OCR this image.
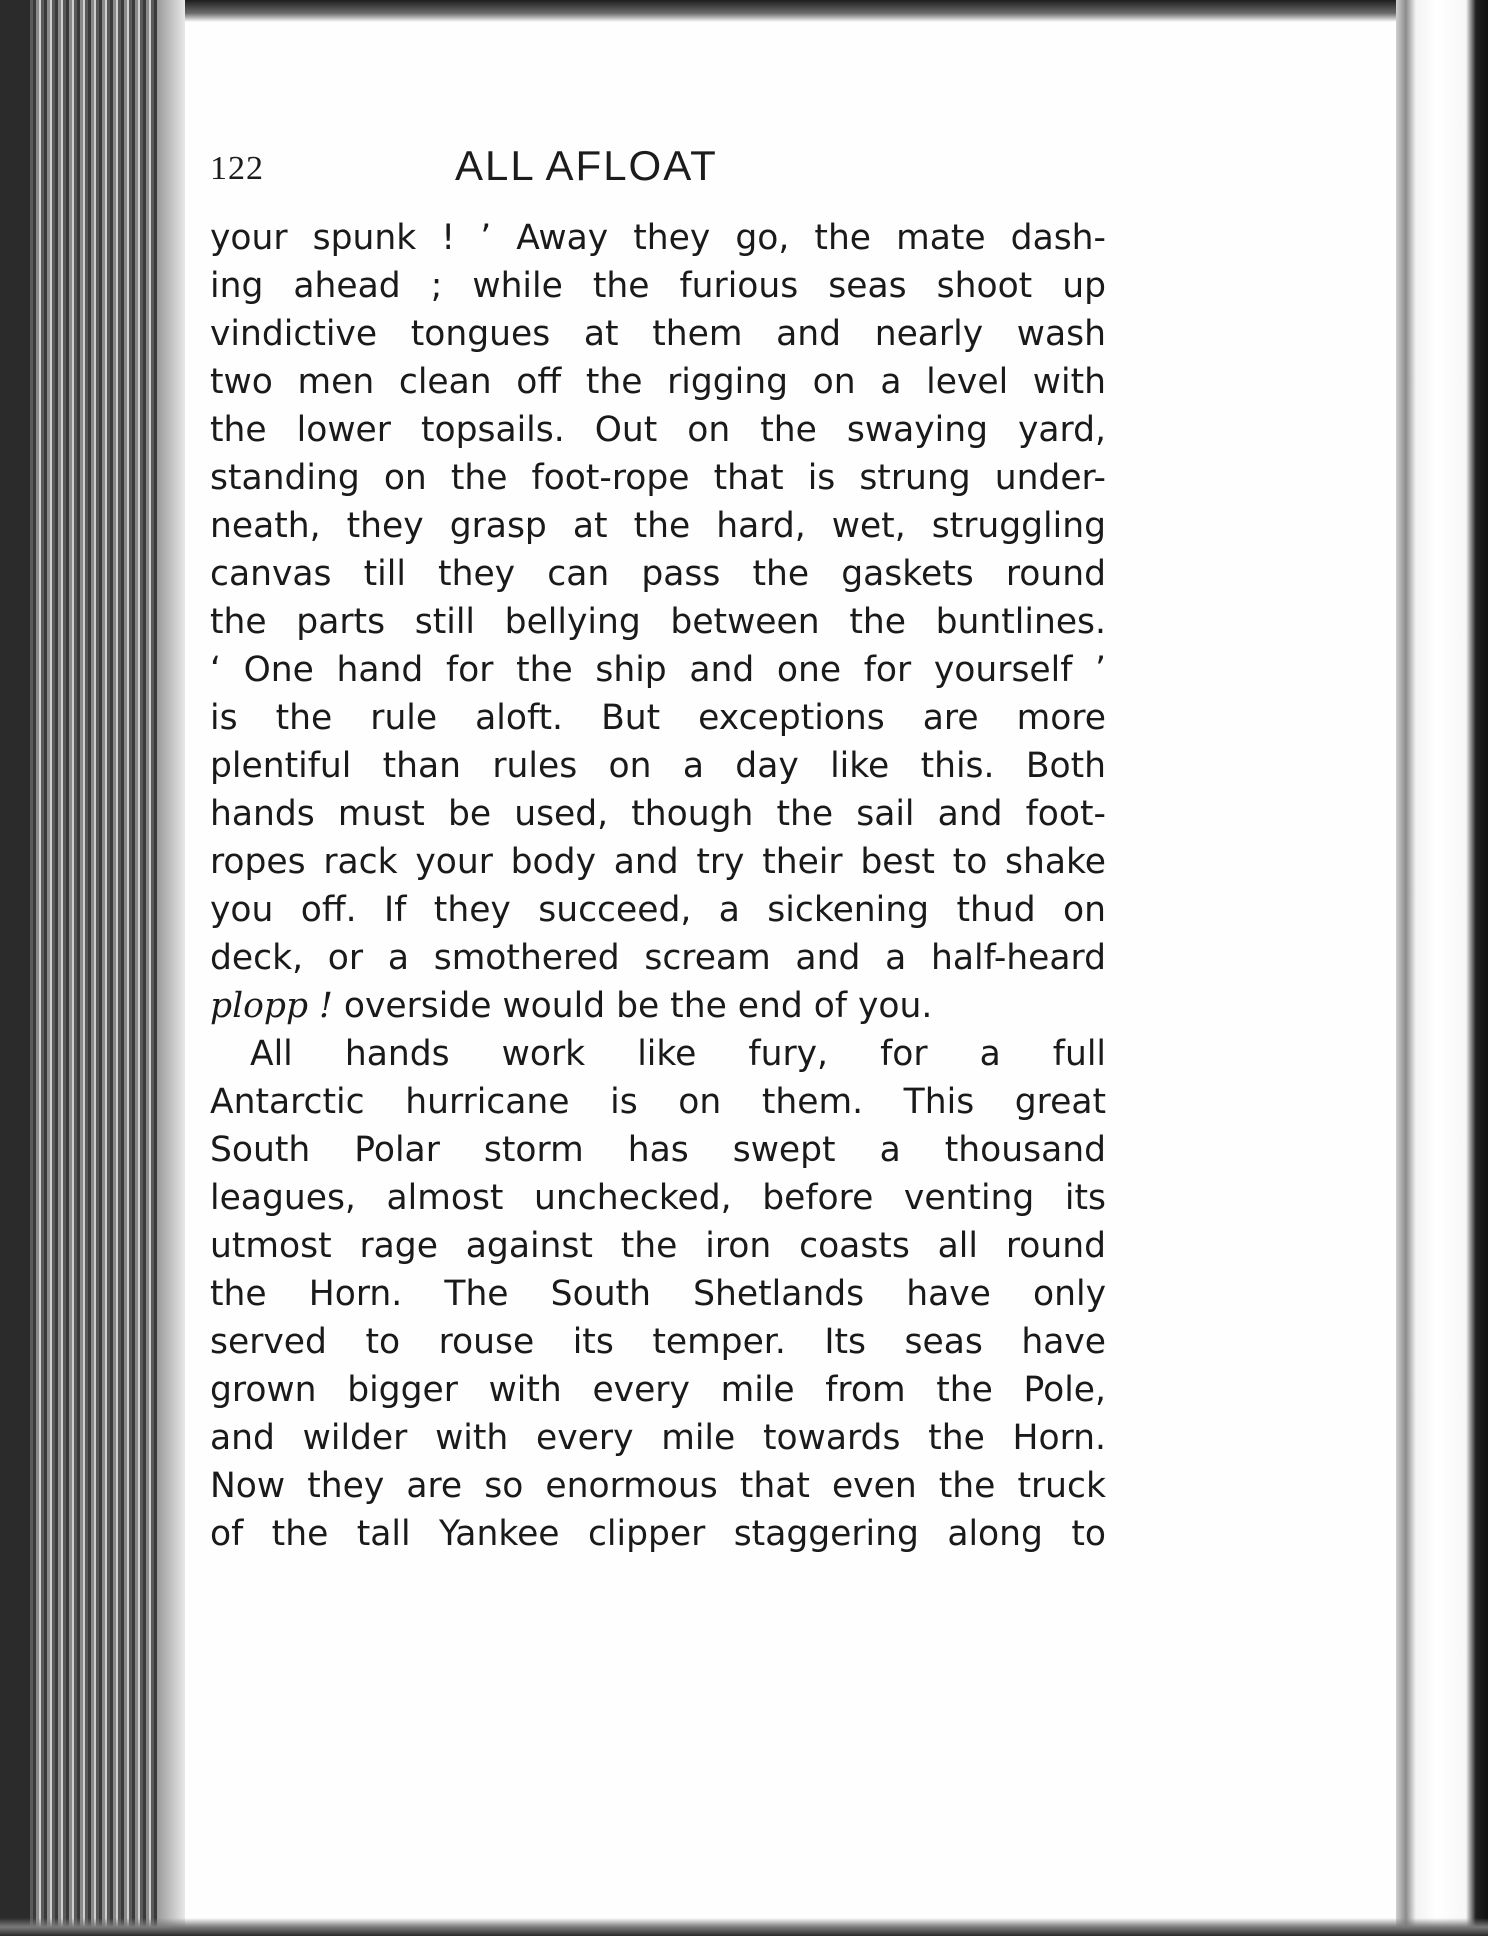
122	ALL AFLOAT
your spunk ! ’ Away they go, the mate dash-
ing ahead ; while the furious seas shoot up
vindictive tongues at them and nearly wash
two men clean off the rigging on a level with
the lower topsails. Out on the swaying yard,
standing on the foot-rope that is strung under-
neath, they grasp at the hard, wet, struggling
canvas till they can pass the gaskets round
the parts still bellying between the buntlines.
‘ One hand for the ship and one for yourself ’
is the rule aloft. But exceptions are more
plentiful than rules on a day like this. Both
hands must be used, though the sail and foot-
ropes rack your body and try their best to shake
you off. If they succeed, a sickening thud on
deck, or a smothered scream and a half-heard
plopp ! overside would be the end of you.
All hands work like fury, for a full
Antarctic hurricane is on them. This great
South Polar storm has swept a thousand
leagues, almost unchecked, before venting its
utmost rage against the iron coasts all round
the Horn. The South Shetlands have only
served to rouse its temper. Its seas have
grown bigger with every mile from the Pole,
and wilder with every mile towards the Horn.
Now they are so enormous that even the truck
of the tall Yankee clipper staggering along to
